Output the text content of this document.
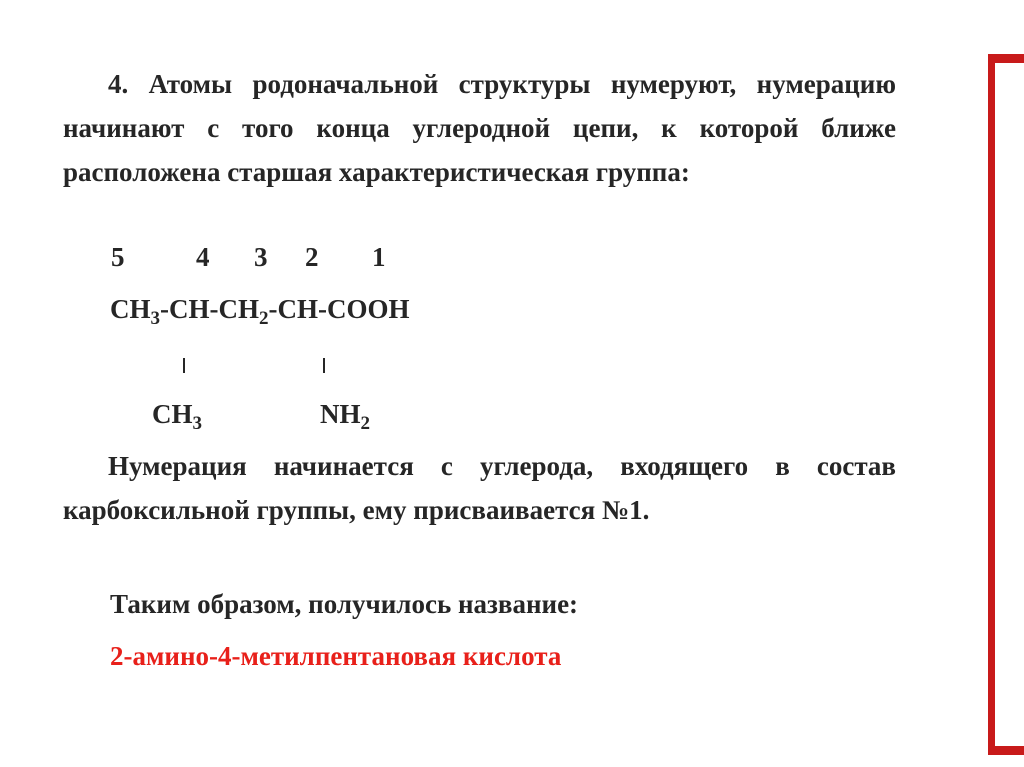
4. Атомы родоначальной структуры нумеруют, нумерацию начинают с того конца углеродной цепи, к которой ближе расположена старшая характеристическая группа:
5	4 3 2 1
$CH_3-CH-CH_2-CH$-COOH
$CH_3$	$NH_2$
Нумерация начинается с углерода, входящего в состав карбоксильной группы, ему присваивается №1.
Таким образом, получилось название:
2-амино-4-метилпентановая кислота
